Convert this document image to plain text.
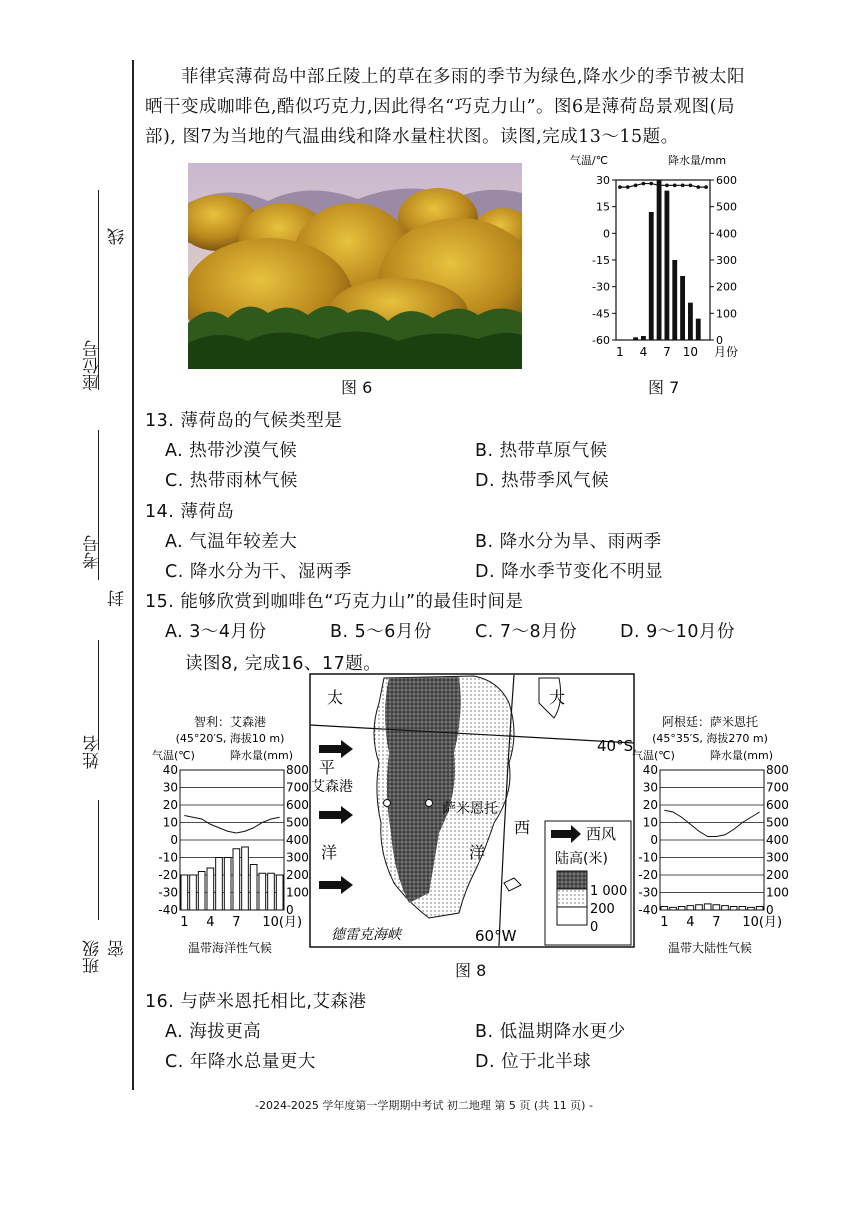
座位号
线
考号
封
姓名
班级 密
菲律宾薄荷岛中部丘陵上的草在多雨的季节为绿色,降水少的季节被太阳
晒干变成咖啡色,酷似巧克力,因此得名“巧克力山”。图6是薄荷岛景观图(局
部), 图7为当地的气温曲线和降水量柱状图。读图,完成13～15题。
图 6
气温/℃	降水量/mm
30
15
0
-15
-30
-45
-60
600
500
400
300
200
100
0
1 4 7 10 月份
图 7
13. 薄荷岛的气候类型是
A. 热带沙漠气候	B. 热带草原气候
C. 热带雨林气候	D. 热带季风气候
14. 薄荷岛
A. 气温年较差大	B. 降水分为旱、雨两季
C. 降水分为干、湿两季	D. 降水季节变化不明显
15. 能够欣赏到咖啡色“巧克力山”的最佳时间是
A. 3～4月份	B. 5～6月份 C. 7～8月份 D. 9～10月份
读图8, 完成16、17题。
智利：艾森港
(45°20′S, 海拔10 m)
气温(℃)	降水量(mm)
40
30
20
10
0
-10
-20
-30
-40
800
700
600
500
400
300
200
100
0
1 4 7 10(月)
温带海洋性气候
太
平
洋
大
西
洋
40°S
60°W
艾森港
萨米恩托
德雷克海峡
西风
陆高(米)
1 000
200
0
阿根廷：萨米恩托
(45°35′S, 海拔270 m)
气温(℃)	降水量(mm)
40
30
20
10
0
-10
-20
-30
-40
800
700
600
500
400
300
200
100
0
1 4 7 10(月)
温带大陆性气候
图 8
16. 与萨米恩托相比,艾森港
A. 海拔更高	B. 低温期降水更少
C. 年降水总量更大	D. 位于北半球
-2024-2025 学年度第一学期期中考试 初二地理 第 5 页 (共 11 页) -
